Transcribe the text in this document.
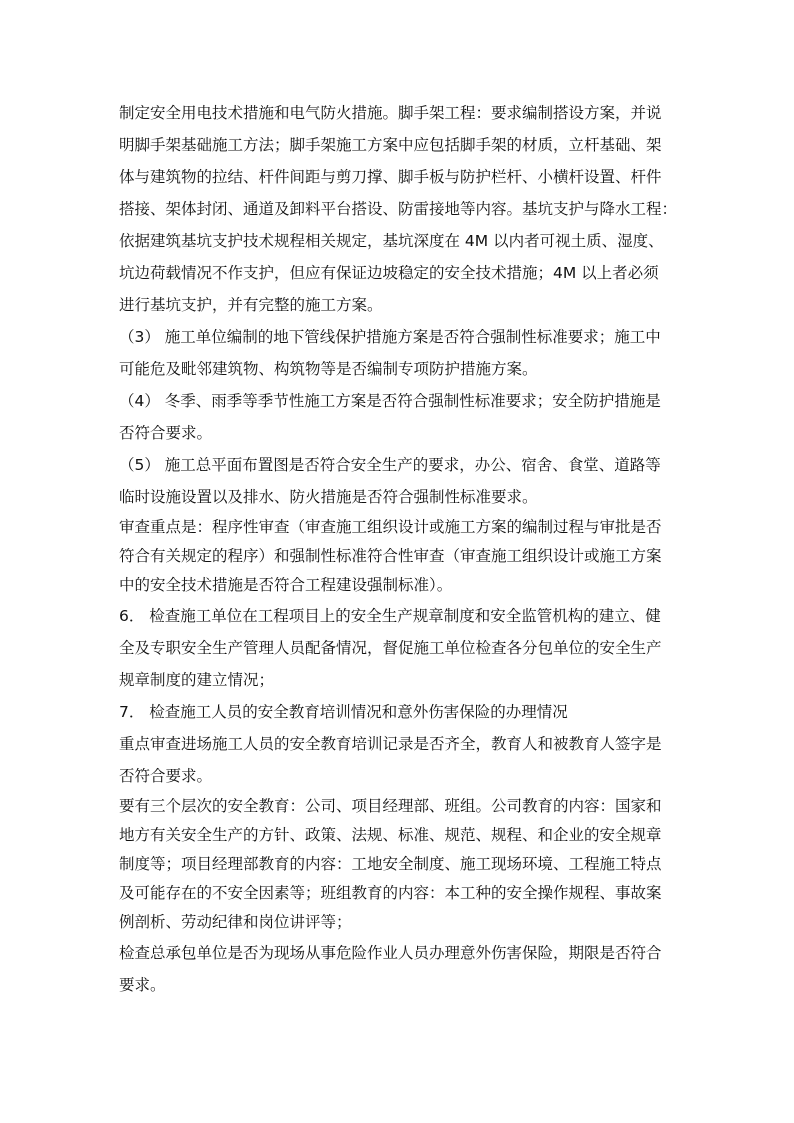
制定安全用电技术措施和电气防火措施。脚手架工程：要求编制搭设方案，并说
明脚手架基础施工方法；脚手架施工方案中应包括脚手架的材质，立杆基础、架
体与建筑物的拉结、杆件间距与剪刀撑、脚手板与防护栏杆、小横杆设置、杆件
搭接、架体封闭、通道及卸料平台搭设、防雷接地等内容。基坑支护与降水工程：
依据建筑基坑支护技术规程相关规定，基坑深度在 4M 以内者可视土质、湿度、
坑边荷载情况不作支护，但应有保证边坡稳定的安全技术措施；4M 以上者必须
进行基坑支护，并有完整的施工方案。
（3） 施工单位编制的地下管线保护措施方案是否符合强制性标准要求；施工中
可能危及毗邻建筑物、构筑物等是否编制专项防护措施方案。
（4） 冬季、雨季等季节性施工方案是否符合强制性标准要求；安全防护措施是
否符合要求。
（5） 施工总平面布置图是否符合安全生产的要求，办公、宿舍、食堂、道路等
临时设施设置以及排水、防火措施是否符合强制性标准要求。
审查重点是：程序性审查（审查施工组织设计或施工方案的编制过程与审批是否
符合有关规定的程序）和强制性标准符合性审查（审查施工组织设计或施工方案
中的安全技术措施是否符合工程建设强制标准）。
6． 检查施工单位在工程项目上的安全生产规章制度和安全监管机构的建立、健
全及专职安全生产管理人员配备情况，督促施工单位检查各分包单位的安全生产
规章制度的建立情况；
7． 检查施工人员的安全教育培训情况和意外伤害保险的办理情况
重点审查进场施工人员的安全教育培训记录是否齐全，教育人和被教育人签字是
否符合要求。
要有三个层次的安全教育：公司、项目经理部、班组。公司教育的内容：国家和
地方有关安全生产的方针、政策、法规、标准、规范、规程、和企业的安全规章
制度等；项目经理部教育的内容：工地安全制度、施工现场环境、工程施工特点
及可能存在的不安全因素等；班组教育的内容：本工种的安全操作规程、事故案
例剖析、劳动纪律和岗位讲评等；
检查总承包单位是否为现场从事危险作业人员办理意外伤害保险，期限是否符合
要求。
